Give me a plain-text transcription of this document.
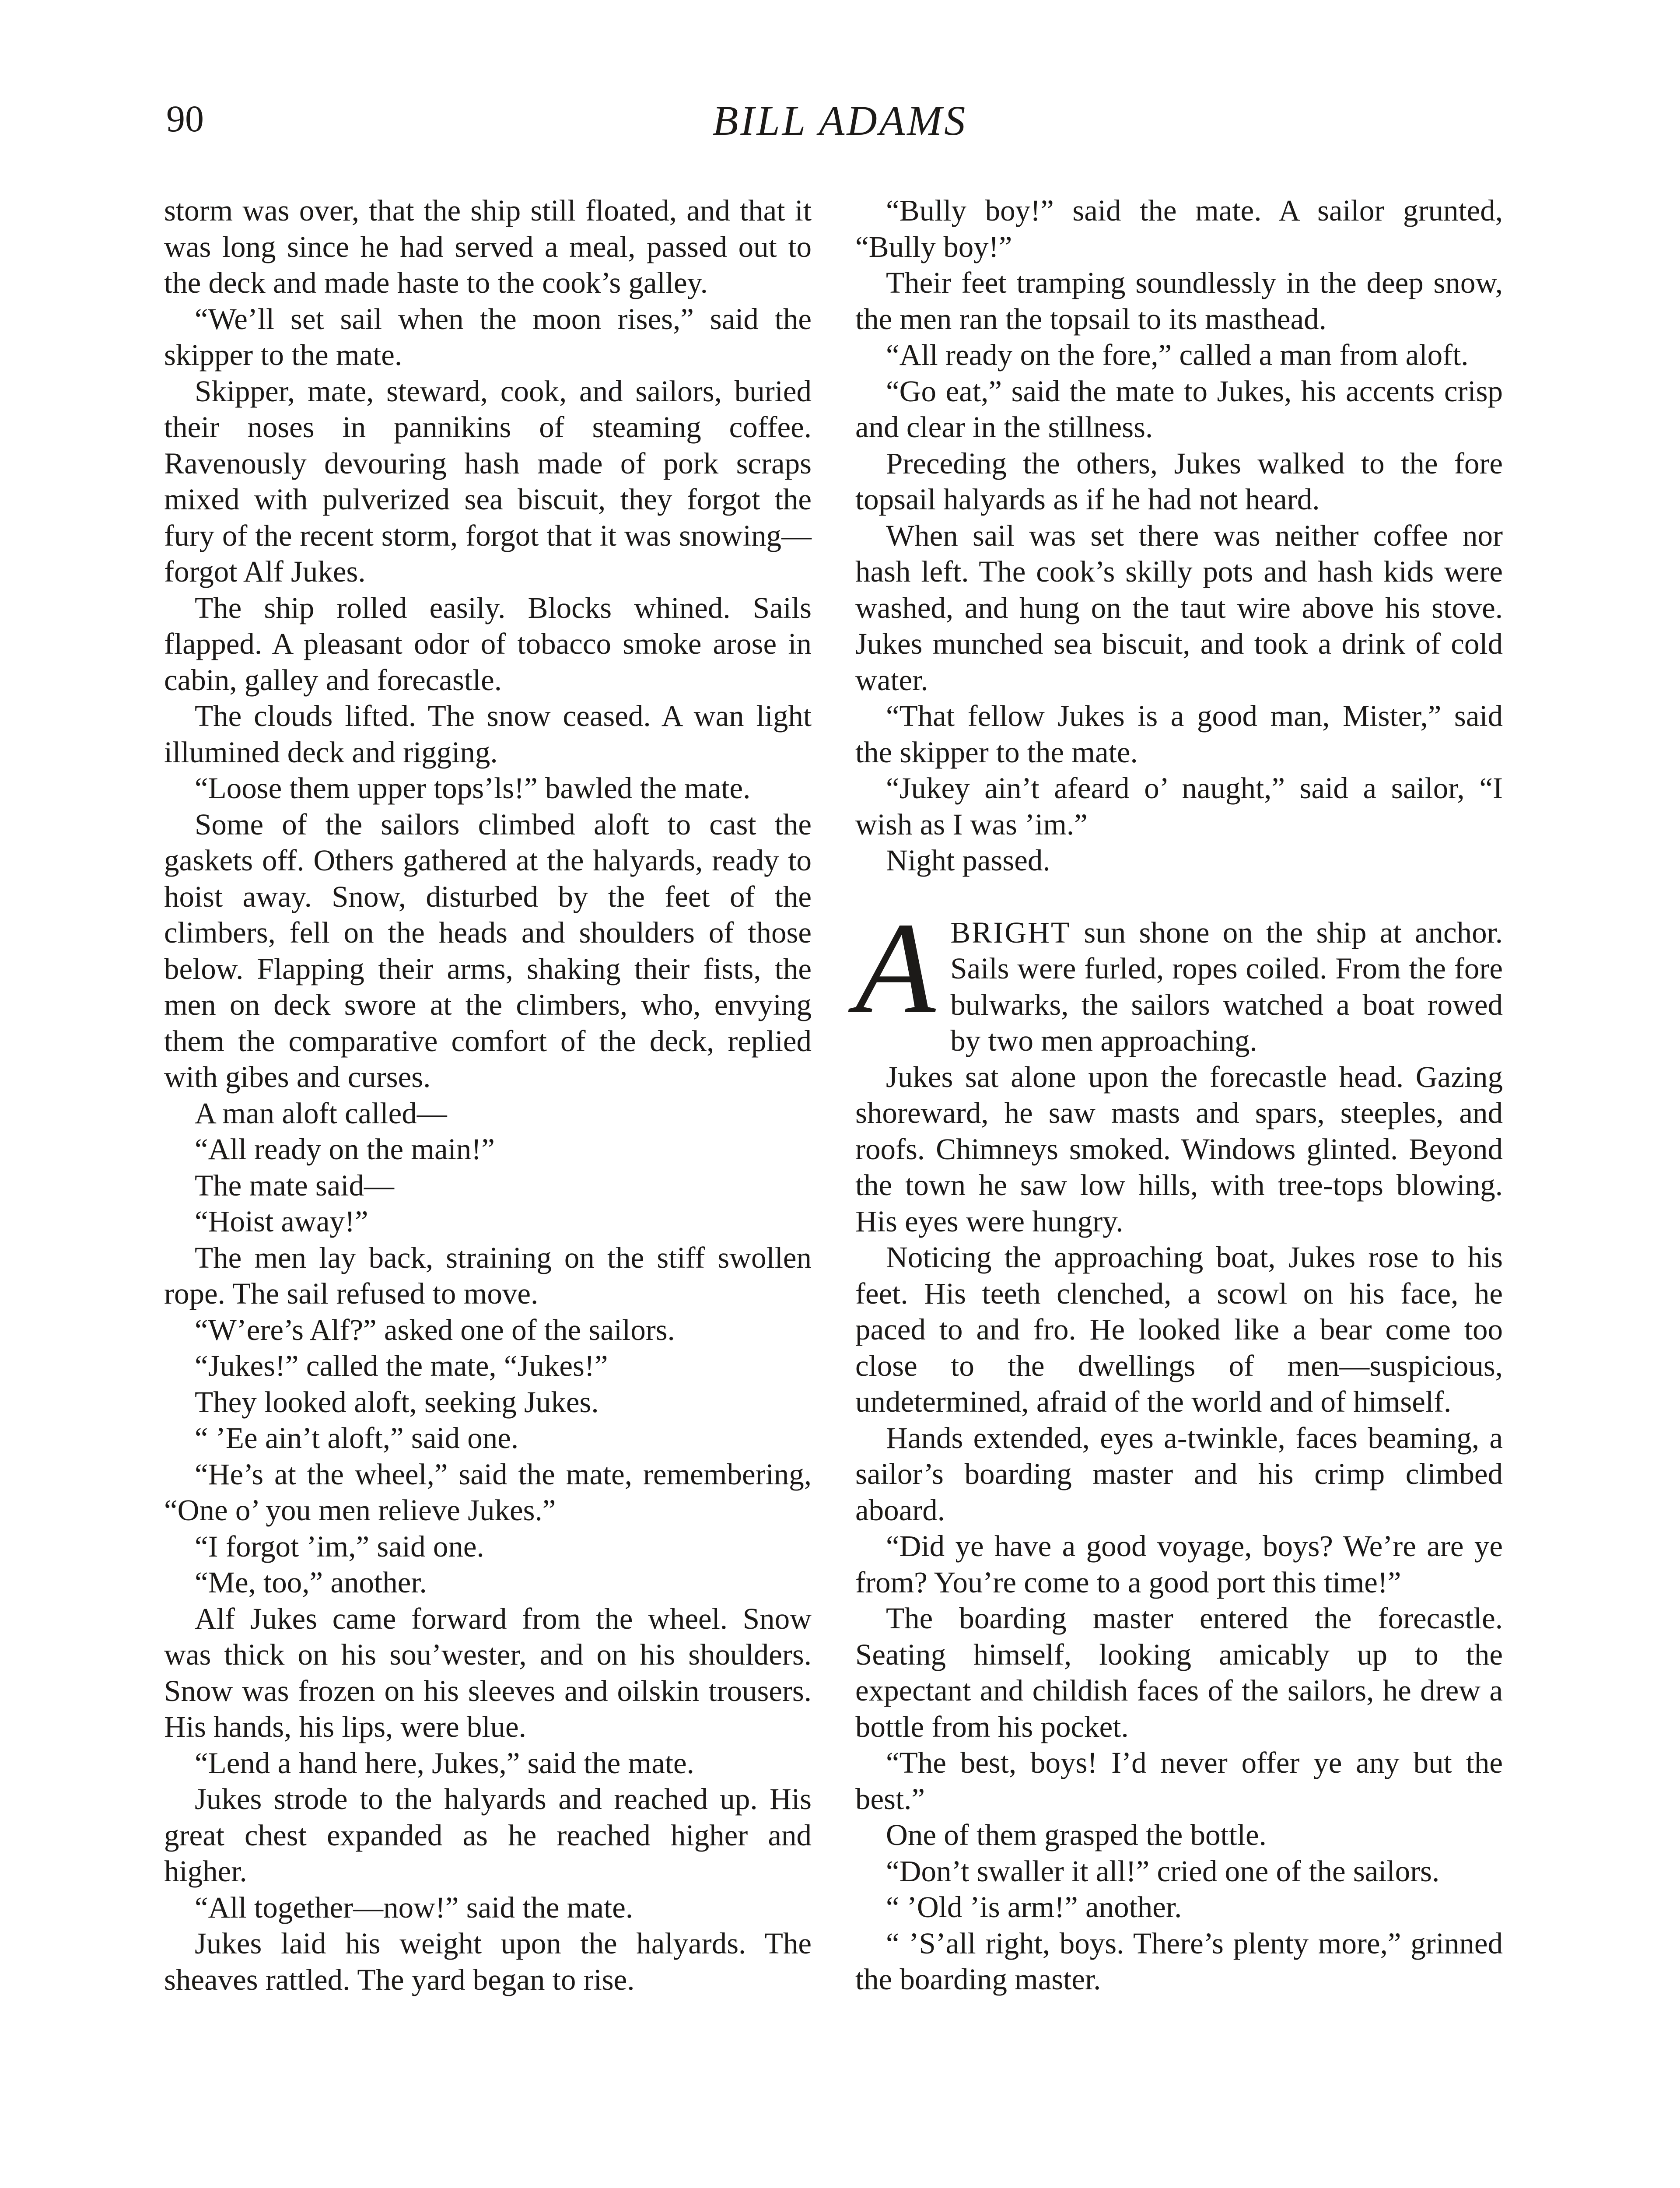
90	BILL ADAMS

storm was over, that the ship still floated, and that it was long since he had served a meal, passed out to the deck and made haste to the cook’s galley.

“We’ll set sail when the moon rises,” said the skipper to the mate.

Skipper, mate, steward, cook, and sailors, buried their noses in pannikins of steaming coffee. Ravenously devouring hash made of pork scraps mixed with pulverized sea biscuit, they forgot the fury of the recent storm, forgot that it was snowing—forgot Alf Jukes.

The ship rolled easily. Blocks whined. Sails flapped. A pleasant odor of tobacco smoke arose in cabin, galley and forecastle.

The clouds lifted. The snow ceased. A wan light illumined deck and rigging.

“Loose them upper tops’ls!” bawled the mate.

Some of the sailors climbed aloft to cast the gaskets off. Others gathered at the halyards, ready to hoist away. Snow, disturbed by the feet of the climbers, fell on the heads and shoulders of those below. Flapping their arms, shaking their fists, the men on deck swore at the climbers, who, envying them the comparative comfort of the deck, replied with gibes and curses.

A man aloft called—

“All ready on the main!”

The mate said—

“Hoist away!”

The men lay back, straining on the stiff swollen rope. The sail refused to move.

“W’ere’s Alf?” asked one of the sailors.

“Jukes!” called the mate, “Jukes!”

They looked aloft, seeking Jukes.

“ ’Ee ain’t aloft,” said one.

“He’s at the wheel,” said the mate, remembering, “One o’ you men relieve Jukes.”

“I forgot ’im,” said one.

“Me, too,” another.

Alf Jukes came forward from the wheel. Snow was thick on his sou’wester, and on his shoulders. Snow was frozen on his sleeves and oilskin trousers. His hands, his lips, were blue.

“Lend a hand here, Jukes,” said the mate.

Jukes strode to the halyards and reached up. His great chest expanded as he reached higher and higher.

“All together—now!” said the mate.

Jukes laid his weight upon the halyards. The sheaves rattled. The yard began to rise.

“Bully boy!” said the mate. A sailor grunted, “Bully boy!”

Their feet tramping soundlessly in the deep snow, the men ran the topsail to its masthead.

“All ready on the fore,” called a man from aloft.

“Go eat,” said the mate to Jukes, his accents crisp and clear in the stillness.

Preceding the others, Jukes walked to the fore topsail halyards as if he had not heard.

When sail was set there was neither coffee nor hash left. The cook’s skilly pots and hash kids were washed, and hung on the taut wire above his stove. Jukes munched sea biscuit, and took a drink of cold water.

“That fellow Jukes is a good man, Mister,” said the skipper to the mate.

“Jukey ain’t afeard o’ naught,” said a sailor, “I wish as I was ’im.”

Night passed.

ABRIGHT sun shone on the ship at anchor. Sails were furled, ropes coiled. From the fore bulwarks, the sailors watched a boat rowed by two men approaching.

Jukes sat alone upon the forecastle head. Gazing shoreward, he saw masts and spars, steeples, and roofs. Chimneys smoked. Windows glinted. Beyond the town he saw low hills, with tree-tops blowing. His eyes were hungry.

Noticing the approaching boat, Jukes rose to his feet. His teeth clenched, a scowl on his face, he paced to and fro. He looked like a bear come too close to the dwellings of men—suspicious, undetermined, afraid of the world and of himself.

Hands extended, eyes a-twinkle, faces beaming, a sailor’s boarding master and his crimp climbed aboard.

“Did ye have a good voyage, boys? We’re are ye from? You’re come to a good port this time!”

The boarding master entered the forecastle. Seating himself, looking amicably up to the expectant and childish faces of the sailors, he drew a bottle from his pocket.

“The best, boys! I’d never offer ye any but the best.”

One of them grasped the bottle.

“Don’t swaller it all!” cried one of the sailors.

“ ’Old ’is arm!” another.

“ ’S’all right, boys. There’s plenty more,” grinned the boarding master.
